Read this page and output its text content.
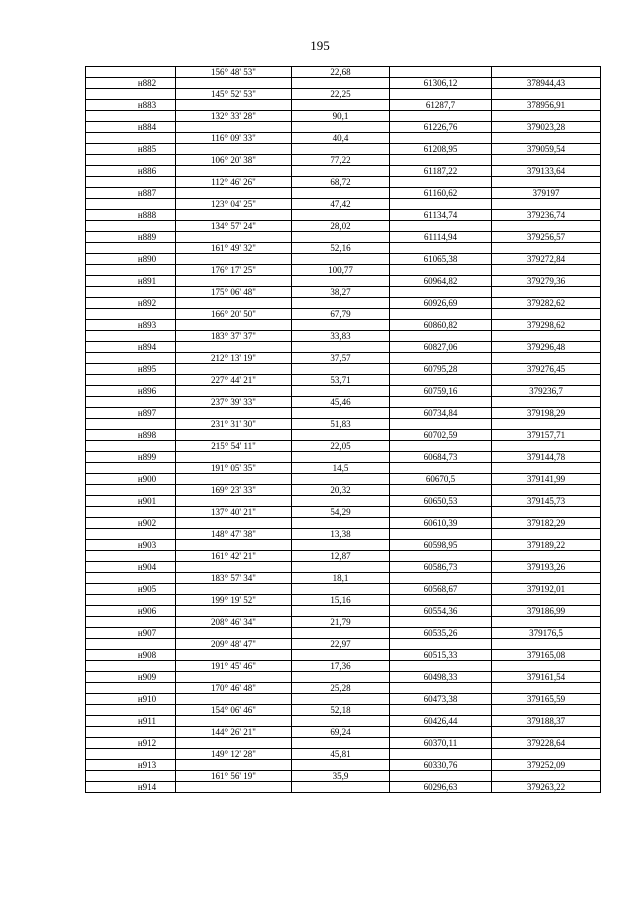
195
	156° 48' 53"	22,68		
н882			61306,12	378944,43
	145° 52' 53"	22,25		
н883			61287,7	378956,91
	132° 33' 28"	90,1		
н884			61226,76	379023,28
	116° 09' 33"	40,4		
н885			61208,95	379059,54
	106° 20' 38"	77,22		
н886			61187,22	379133,64
	112° 46' 26"	68,72		
н887			61160,62	379197
	123° 04' 25"	47,42		
н888			61134,74	379236,74
	134° 57' 24"	28,02		
н889			61114,94	379256,57
	161° 49' 32"	52,16		
н890			61065,38	379272,84
	176° 17' 25"	100,77		
н891			60964,82	379279,36
	175° 06' 48"	38,27		
н892			60926,69	379282,62
	166° 20' 50"	67,79		
н893			60860,82	379298,62
	183° 37' 37"	33,83		
н894			60827,06	379296,48
	212° 13' 19"	37,57		
н895			60795,28	379276,45
	227° 44' 21"	53,71		
н896			60759,16	379236,7
	237° 39' 33"	45,46		
н897			60734,84	379198,29
	231° 31' 30"	51,83		
н898			60702,59	379157,71
	215° 54' 11"	22,05		
н899			60684,73	379144,78
	191° 05' 35"	14,5		
н900			60670,5	379141,99
	169° 23' 33"	20,32		
н901			60650,53	379145,73
	137° 40' 21"	54,29		
н902			60610,39	379182,29
	148° 47' 38"	13,38		
н903			60598,95	379189,22
	161° 42' 21"	12,87		
н904			60586,73	379193,26
	183° 57' 34"	18,1		
н905			60568,67	379192,01
	199° 19' 52"	15,16		
н906			60554,36	379186,99
	208° 46' 34"	21,79		
н907			60535,26	379176,5
	209° 48' 47"	22,97		
н908			60515,33	379165,08
	191° 45' 46"	17,36		
н909			60498,33	379161,54
	170° 46' 48"	25,28		
н910			60473,38	379165,59
	154° 06' 46"	52,18		
н911			60426,44	379188,37
	144° 26' 21"	69,24		
н912			60370,11	379228,64
	149° 12' 28"	45,81		
н913			60330,76	379252,09
	161° 56' 19"	35,9		
н914			60296,63	379263,22
